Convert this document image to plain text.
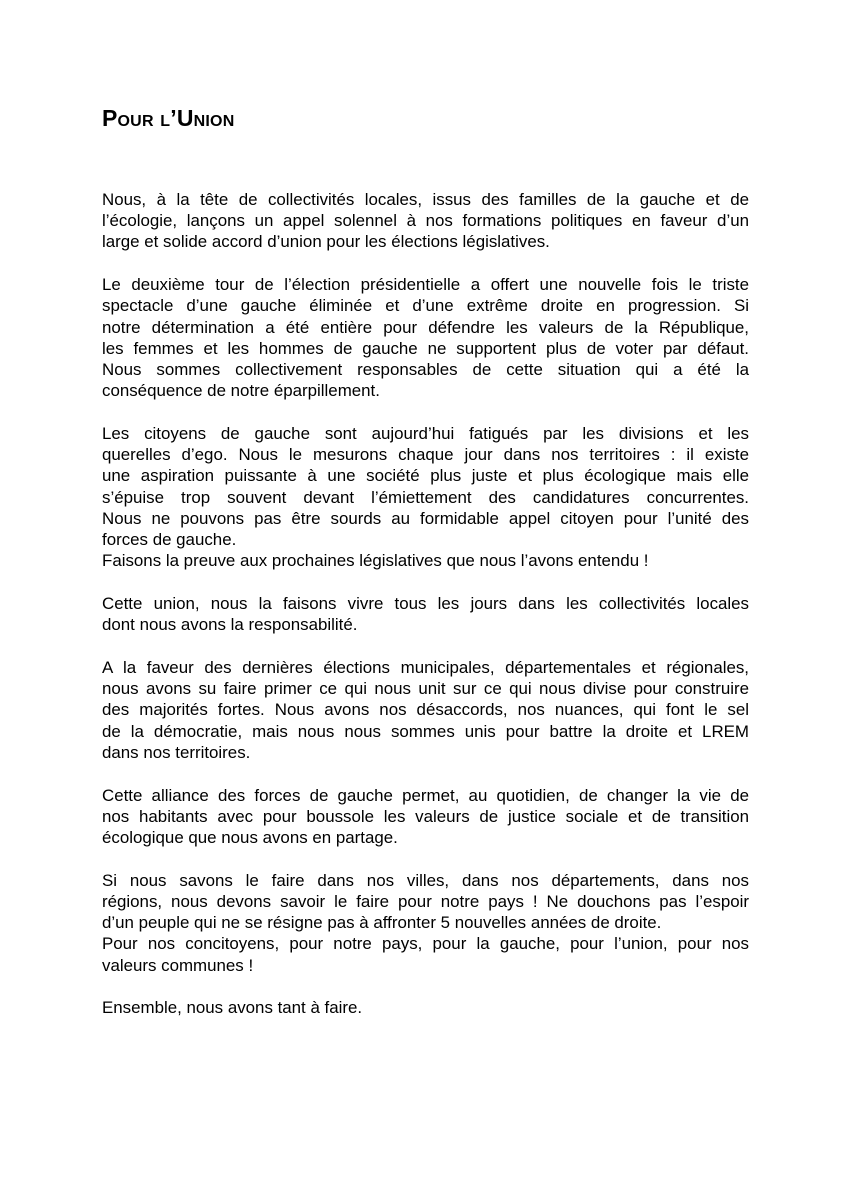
Pour l’Union

Nous, à la tête de collectivités locales, issus des familles de la gauche et de
l’écologie, lançons un appel solennel à nos formations politiques en faveur d’un
large et solide accord d’union pour les élections législatives.

Le deuxième tour de l’élection présidentielle a offert une nouvelle fois le triste
spectacle d’une gauche éliminée et d’une extrême droite en progression. Si
notre détermination a été entière pour défendre les valeurs de la République,
les femmes et les hommes de gauche ne supportent plus de voter par défaut.
Nous sommes collectivement responsables de cette situation qui a été la
conséquence de notre éparpillement.

Les citoyens de gauche sont aujourd’hui fatigués par les divisions et les
querelles d’ego. Nous le mesurons chaque jour dans nos territoires : il existe
une aspiration puissante à une société plus juste et plus écologique mais elle
s’épuise trop souvent devant l’émiettement des candidatures concurrentes.
Nous ne pouvons pas être sourds au formidable appel citoyen pour l’unité des
forces de gauche.
Faisons la preuve aux prochaines législatives que nous l’avons entendu !

Cette union, nous la faisons vivre tous les jours dans les collectivités locales
dont nous avons la responsabilité.

A la faveur des dernières élections municipales, départementales et régionales,
nous avons su faire primer ce qui nous unit sur ce qui nous divise pour construire
des majorités fortes. Nous avons nos désaccords, nos nuances, qui font le sel
de la démocratie, mais nous nous sommes unis pour battre la droite et LREM
dans nos territoires.

Cette alliance des forces de gauche permet, au quotidien, de changer la vie de
nos habitants avec pour boussole les valeurs de justice sociale et de transition
écologique que nous avons en partage.

Si nous savons le faire dans nos villes, dans nos départements, dans nos
régions, nous devons savoir le faire pour notre pays ! Ne douchons pas l’espoir
d’un peuple qui ne se résigne pas à affronter 5 nouvelles années de droite.
Pour nos concitoyens, pour notre pays, pour la gauche, pour l’union, pour nos
valeurs communes !

Ensemble, nous avons tant à faire.
